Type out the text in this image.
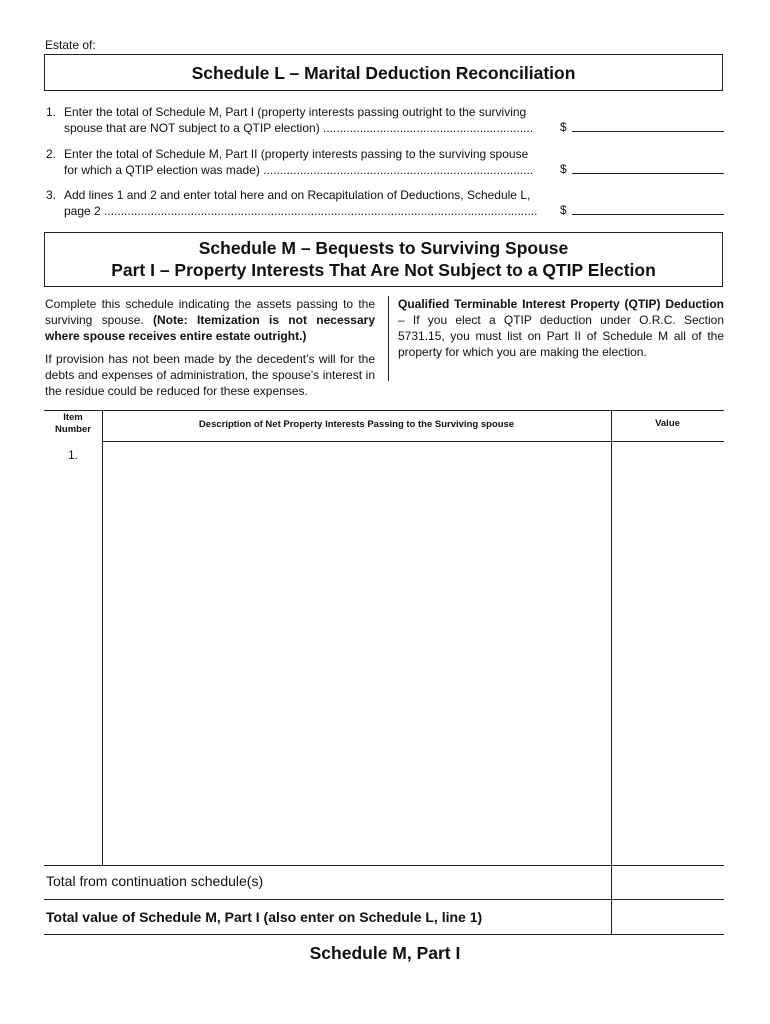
Estate of:
Schedule L – Marital Deduction Reconciliation
1. Enter the total of Schedule M, Part I (property interests passing outright to the surviving
spouse that are NOT subject to a QTIP election) ...............................................................	$
2. Enter the total of Schedule M, Part II (property interests passing to the surviving spouse
for which a QTIP election was made) .................................................................................	$
3. Add lines 1 and 2 and enter total here and on Recapitulation of Deductions, Schedule L,
page 2 ..................................................................................................................................	$
Schedule M – Bequests to Surviving Spouse
Part I – Property Interests That Are Not Subject to a QTIP Election

Complete this schedule indicating the assets passing to the surviving spouse. (Note: Itemization is not necessary where spouse receives entire estate outright.)

If provision has not been made by the decedent’s will for the debts and expenses of administration, the spouse’s interest in the residue could be reduced for these expenses.

Qualified Terminable Interest Property (QTIP) Deduction – If you elect a QTIP deduction under O.R.C. Section 5731.15, you must list on Part II of Schedule M all of the property for which you are making the election.
Item
Number	Description of Net Property Interests Passing to the Surviving spouse	Value
1.
Total from continuation schedule(s)
Total value of Schedule M, Part I (also enter on Schedule L, line 1)
Schedule M, Part I
